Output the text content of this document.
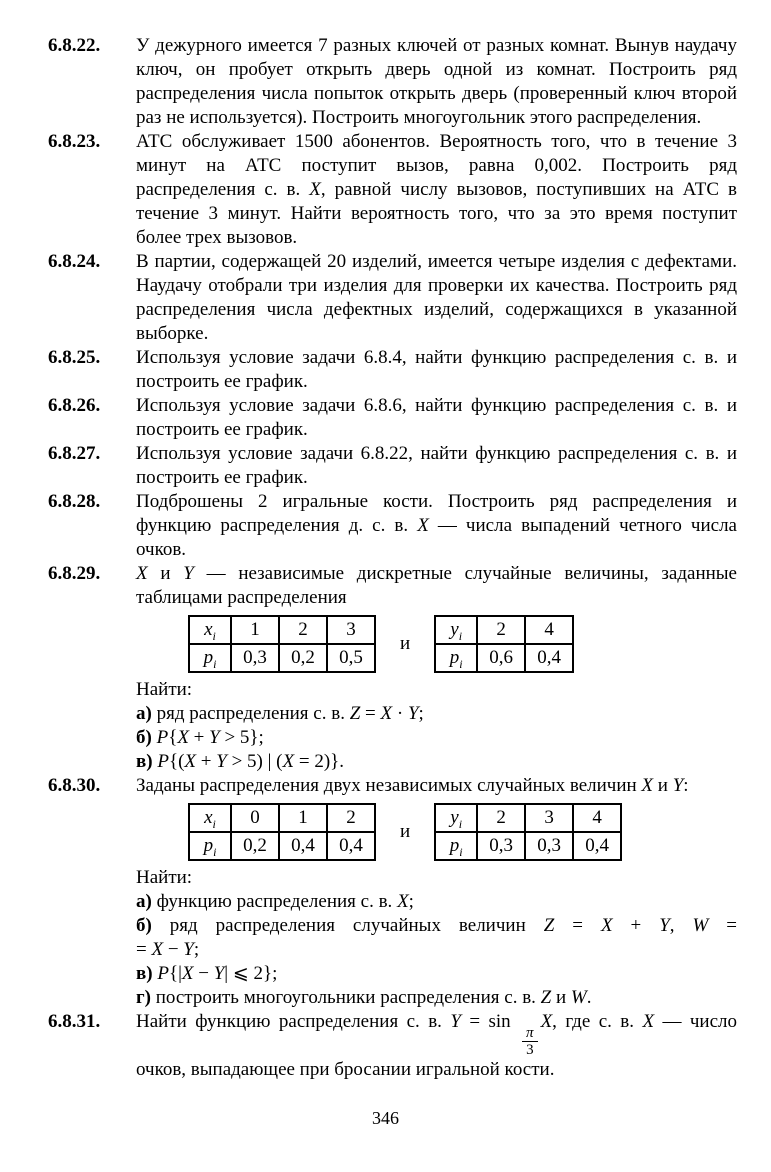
6.8.22.	У дежурного имеется 7 разных ключей от разных комнат. Вынув наудачу ключ, он пробует открыть дверь одной из комнат. Построить ряд распределения числа попыток открыть дверь (проверенный ключ второй раз не используется). Построить многоугольник этого распределения.

6.8.23.	АТС обслуживает 1500 абонентов. Вероятность того, что в течение 3 минут на АТС поступит вызов, равна 0,002. Построить ряд распределения с. в. X, равной числу вызовов, поступивших на АТС в течение 3 минут. Найти вероятность того, что за это время поступит более трех вызовов.

6.8.24.	В партии, содержащей 20 изделий, имеется четыре изделия с дефектами. Наудачу отобрали три изделия для проверки их качества. Построить ряд распределения числа дефектных изделий, содержащихся в указанной выборке.

6.8.25.	Используя условие задачи 6.8.4, найти функцию распределения с. в. и построить ее график.

6.8.26.	Используя условие задачи 6.8.6, найти функцию распределения с. в. и построить ее график.

6.8.27.	Используя условие задачи 6.8.22, найти функцию распределения с. в. и построить ее график.

6.8.28.	Подброшены 2 игральные кости. Построить ряд распределения и функцию распределения д. с. в. X — числа выпадений четного числа очков.

6.8.29.	X и Y — независимые дискретные случайные величины, заданные таблицами распределения

$x_i$	1	2	3
$p_i$	0,3	0,2	0,5
и
$y_i$	2	4
$p_i$	0,6	0,4

Найти:

а) ряд распределения с. в. Z = X · Y;

б) P{X + Y > 5};

в) P{(X + Y > 5) | (X = 2)}.

6.8.30.	Заданы распределения двух независимых случайных величин X и Y:

$x_i$	0	1	2
$p_i$	0,2	0,4	0,4
и
$y_i$	2	3	4
$p_i$	0,3	0,3	0,4

Найти:

а) функцию распределения с. в. X;

б) ряд распределения случайных величин Z = X + Y, W =

= X − Y;

в) P{|X − Y| ⩽ 2};

г) построить многоугольники распределения с. в. Z и W.

6.8.31.	Найти функцию распределения с. в. Y = sin
$\frac{\pi}{3}$
X, где с. в. X — число очков, выпадающее при бросании игральной кости.

346
